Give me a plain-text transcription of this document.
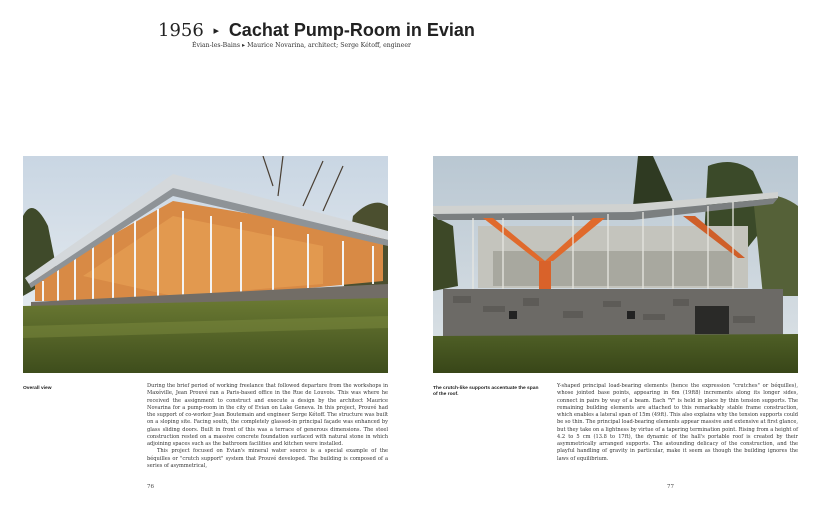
1956 ▸ Cachat Pump-Room in Evian
Évian-les-Bains ▸ Maurice Novarina, architect; Serge Kétoff, engineer
Overall view	The crutch-like supports accentuate the span of the roof.

During the brief period of working freelance that followed departure from the workshops in Maxéville, Jean Prouvé ran a Paris-based office in the Rue de Louvois. This was where he received the assignment to construct and execute a design by the architect Maurice Novarina for a pump-room in the city of Evian on Lake Geneva. In this project, Prouvé had the support of co-worker Jean Boutemain and engineer Serge Kétoff. The structure was built on a sloping site. Facing south, the completely glassed-in principal façade was enhanced by glass sliding doors. Built in front of this was a terrace of generous dimensions. The steel construction rested on a massive concrete foundation surfaced with natural stone in which adjoining spaces such as the bathroom facilities and kitchen were installed.

This project focused on Evian's mineral water source is a special example of the béquilles or "crutch support" system that Prouvé developed. The building is composed of a series of asymmetrical,

Y-shaped principal load-bearing elements (hence the expression "crutches" or béquilles), whose jointed base points, appearing in 6m (19ft8) increments along its longer sides, connect in pairs by way of a beam. Each "Y" is held in place by thin tension supports. The remaining building elements are attached to this remarkably stable frame construction, which enables a lateral span of 15m (49ft). This also explains why the tension supports could be so thin. The principal load-bearing elements appear massive and extensive at first glance, but they take on a lightness by virtue of a tapering termination point. Rising from a height of 4.2 to 5 cm (13.8 to 17ft), the dynamic of the hall's portable roof is created by their asymmetrically arranged supports. The astounding delicacy of the construction, and the playful handling of gravity in particular, make it seem as though the building ignores the laws of equilibrium.

76	77
